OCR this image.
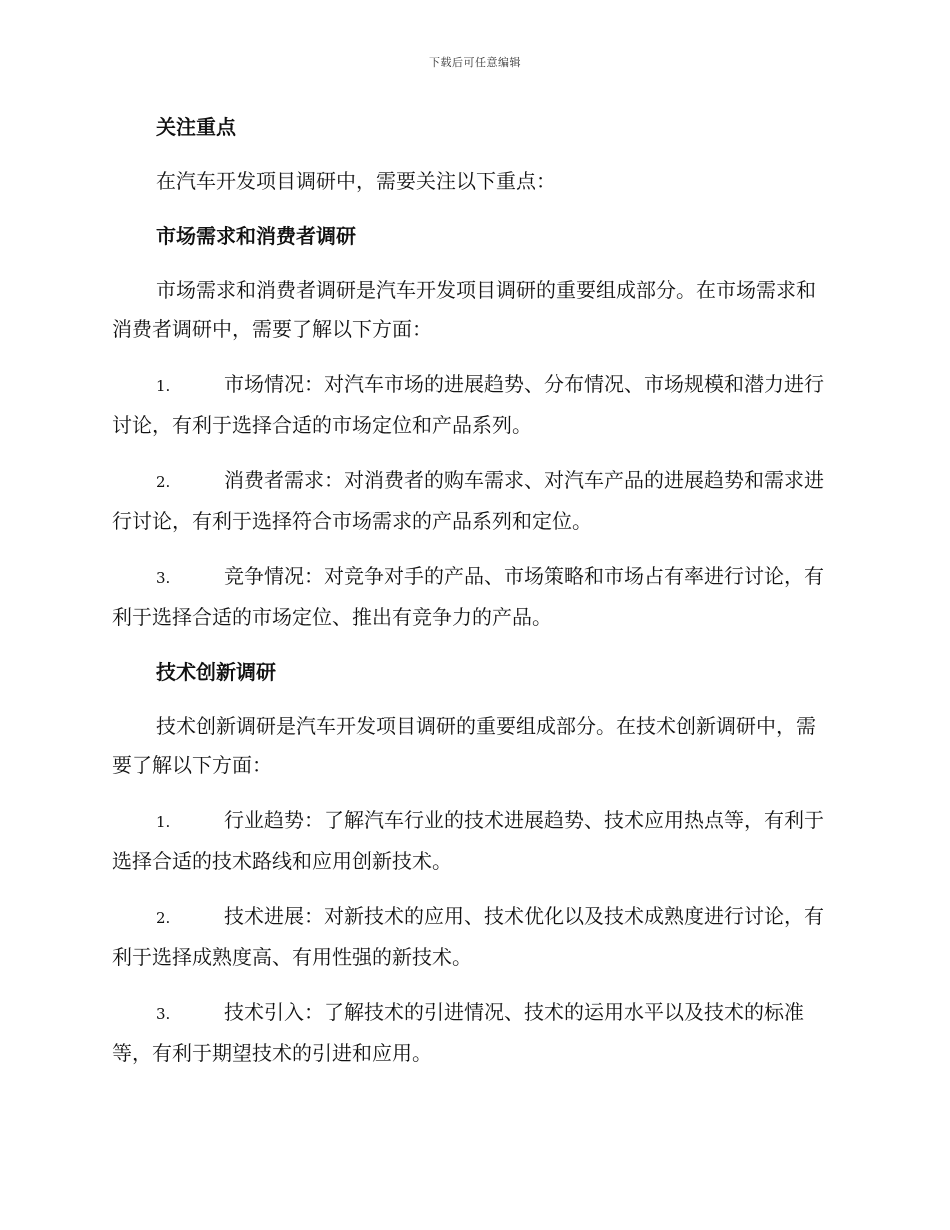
下载后可任意编辑
关注重点
在汽车开发项目调研中，需要关注以下重点：
市场需求和消费者调研
市场需求和消费者调研是汽车开发项目调研的重要组成部分。在市场需求和消费者调研中，需要了解以下方面：
1.	市场情况：对汽车市场的进展趋势、分布情况、市场规模和潜力进行讨论，有利于选择合适的市场定位和产品系列。
2.	消费者需求：对消费者的购车需求、对汽车产品的进展趋势和需求进行讨论，有利于选择符合市场需求的产品系列和定位。
3.	竞争情况：对竞争对手的产品、市场策略和市场占有率进行讨论，有利于选择合适的市场定位、推出有竞争力的产品。
技术创新调研
技术创新调研是汽车开发项目调研的重要组成部分。在技术创新调研中，需要了解以下方面：
1.	行业趋势：了解汽车行业的技术进展趋势、技术应用热点等，有利于选择合适的技术路线和应用创新技术。
2.	技术进展：对新技术的应用、技术优化以及技术成熟度进行讨论，有利于选择成熟度高、有用性强的新技术。
3.	技术引入：了解技术的引进情况、技术的运用水平以及技术的标准等，有利于期望技术的引进和应用。
